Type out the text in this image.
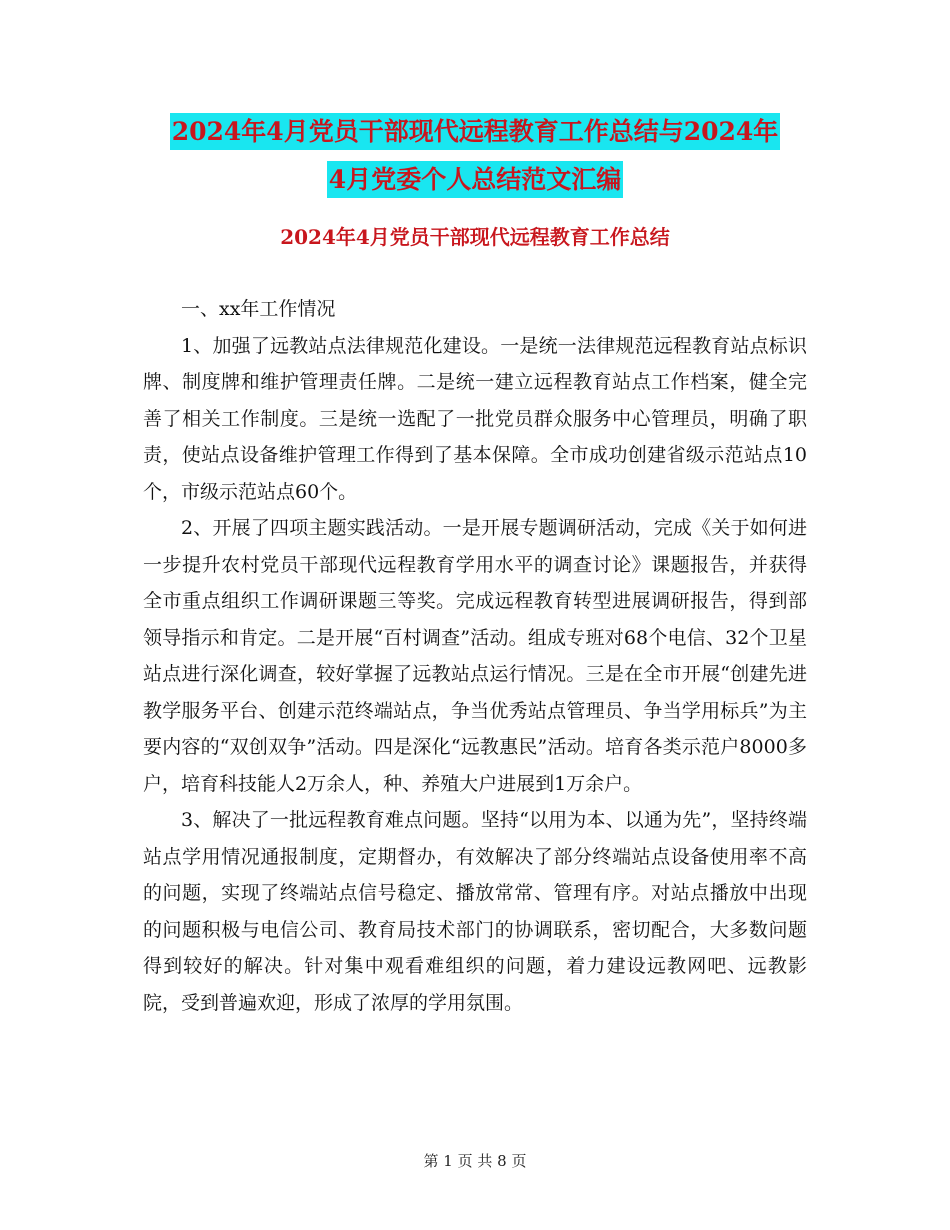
2024年4月党员干部现代远程教育工作总结与2024年
4月党委个人总结范文汇编
2024年4月党员干部现代远程教育工作总结

一、xx年工作情况

1、加强了远教站点法律规范化建设。一是统一法律规范远程教育站点标识牌、制度牌和维护管理责任牌。二是统一建立远程教育站点工作档案，健全完善了相关工作制度。三是统一选配了一批党员群众服务中心管理员，明确了职责，使站点设备维护管理工作得到了基本保障。全市成功创建省级示范站点10个，市级示范站点60个。

2、开展了四项主题实践活动。一是开展专题调研活动，完成《关于如何进一步提升农村党员干部现代远程教育学用水平的调查讨论》课题报告，并获得全市重点组织工作调研课题三等奖。完成远程教育转型进展调研报告，得到部领导指示和肯定。二是开展“百村调查”活动。组成专班对68个电信、32个卫星站点进行深化调查，较好掌握了远教站点运行情况。三是在全市开展“创建先进教学服务平台、创建示范终端站点，争当优秀站点管理员、争当学用标兵”为主要内容的“双创双争”活动。四是深化“远教惠民”活动。培育各类示范户8000多户，培育科技能人2万余人，种、养殖大户进展到1万余户。

3、解决了一批远程教育难点问题。坚持“以用为本、以通为先”，坚持终端站点学用情况通报制度，定期督办，有效解决了部分终端站点设备使用率不高的问题，实现了终端站点信号稳定、播放常常、管理有序。对站点播放中出现的问题积极与电信公司、教育局技术部门的协调联系，密切配合，大多数问题得到较好的解决。针对集中观看难组织的问题，着力建设远教网吧、远教影院，受到普遍欢迎，形成了浓厚的学用氛围。

第 1 页 共 8 页
